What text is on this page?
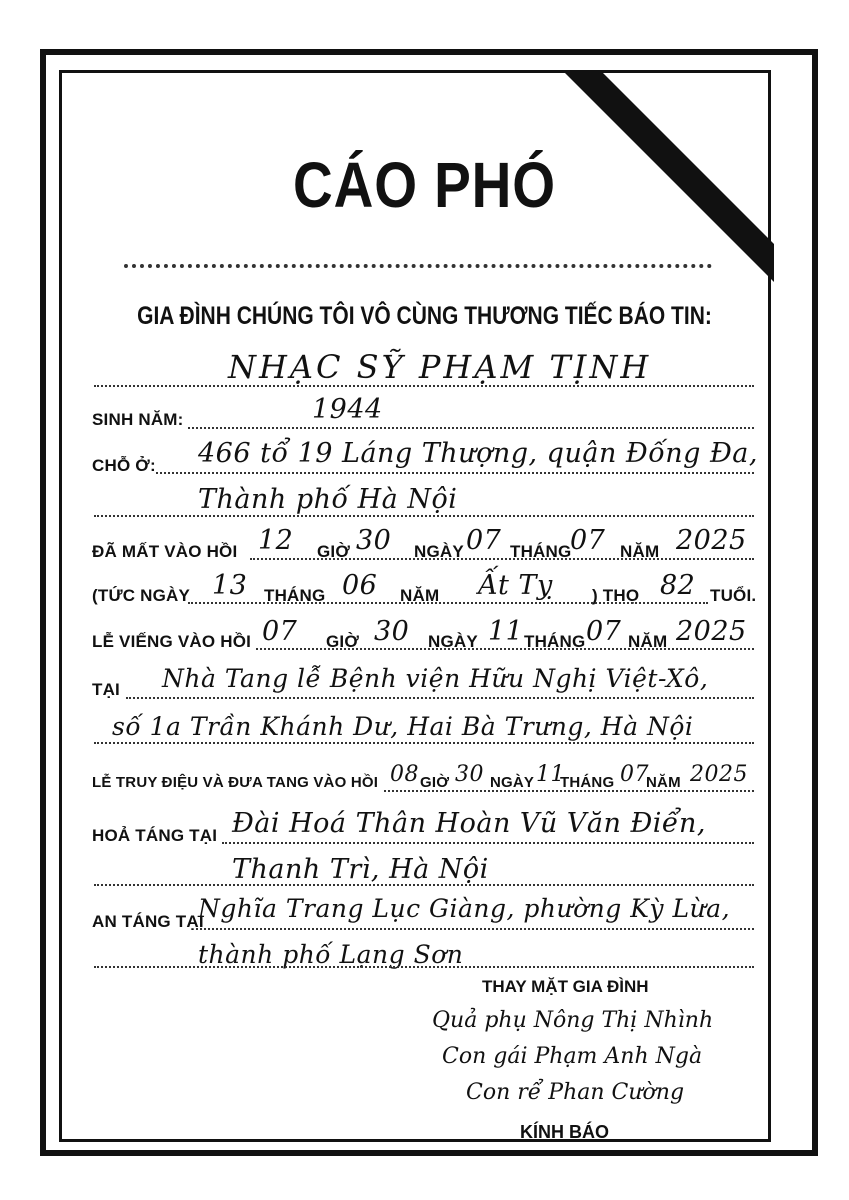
CÁO PHÓ
GIA ĐÌNH CHÚNG TÔI VÔ CÙNG THƯƠNG TIẾC BÁO TIN:
NHẠC SỸ PHẠM TỊNH
SINH NĂM:	1944
CHỖ Ở: 466 tổ 19 Láng Thượng, quận Đống Đa,
Thành phố Hà Nội
ĐÃ MẤT VÀO HỒI 12 GIỜ 30 NGÀY 07 THÁNG
07 NĂM 2025
(TỨC NGÀY 13 THÁNG 06 NĂM Ất Tỵ ) THỌ 82 TUỔI.
LỄ VIẾNG VÀO HỒI 07 GIỜ 30 NGÀY 11 THÁNG 07 NĂM 2025
TẠI Nhà Tang lễ Bệnh viện Hữu Nghị Việt-Xô,
số 1a Trần Khánh Dư, Hai Bà Trưng, Hà Nội
LỄ TRUY ĐIỆU VÀ ĐƯA TANG VÀO HỒI 08 GIỜ 30 NGÀY 11
THÁNG 07
NĂM 2025
HOẢ TÁNG TẠI Đài Hoá Thân Hoàn Vũ Văn Điển,
Thanh Trì, Hà Nội
AN TÁNG TẠI
Nghĩa Trang Lục Giàng, phường Kỳ Lừa,
thành phố Lạng Sơn
THAY MẶT GIA ĐÌNH
Quả phụ Nông Thị Nhình
Con gái Phạm Anh Ngà
Con rể Phan Cường
KÍNH BÁO
